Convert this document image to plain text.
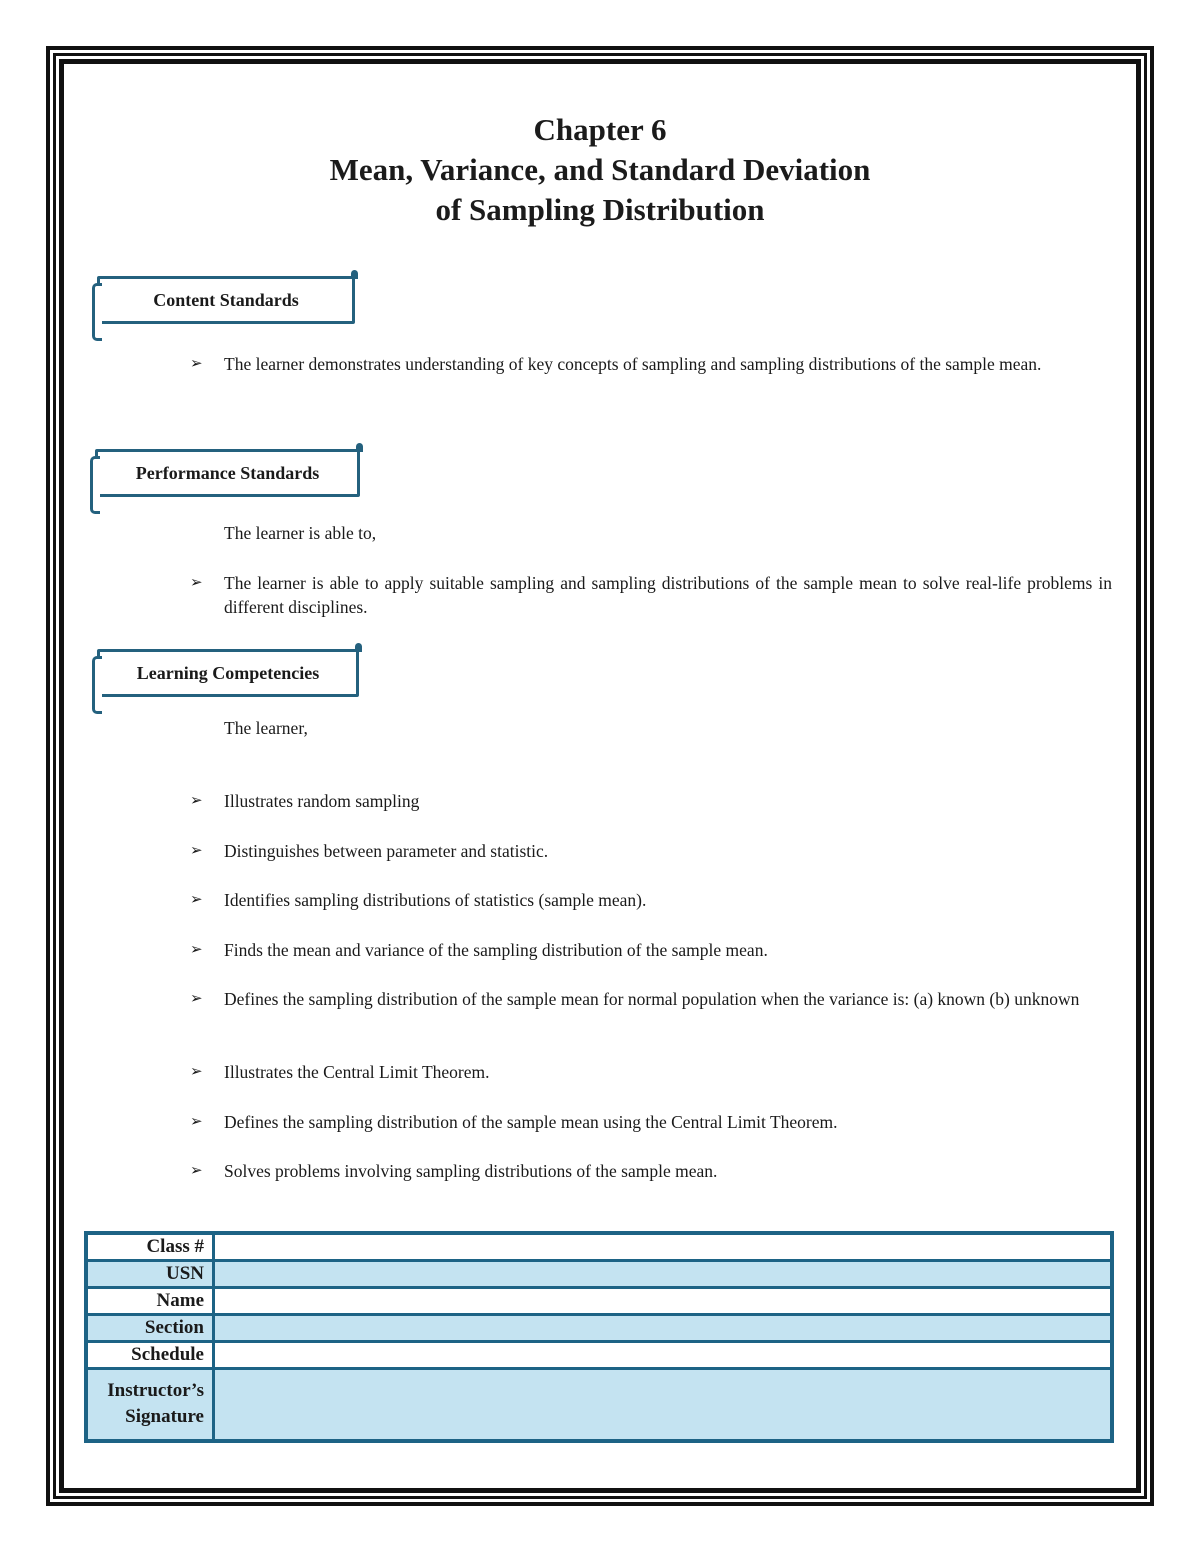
Chapter 6
Mean, Variance, and Standard Deviation
of Sampling Distribution
Content Standards
➢ The learner demonstrates understanding of key concepts of sampling and sampling distributions of the sample mean.
Performance Standards
The learner is able to,
➢ The learner is able to apply suitable sampling and sampling distributions of the sample mean to solve real-life problems in different disciplines.
Learning Competencies
The learner,
➢ Illustrates random sampling
➢ Distinguishes between parameter and statistic.
➢ Identifies sampling distributions of statistics (sample mean).
➢ Finds the mean and variance of the sampling distribution of the sample mean.
➢ Defines the sampling distribution of the sample mean for normal population when the variance is: (a) known (b) unknown
➢ Illustrates the Central Limit Theorem.
➢ Defines the sampling distribution of the sample mean using the Central Limit Theorem.
➢ Solves problems involving sampling distributions of the sample mean.
Class #	
USN	
Name	
Section	
Schedule	
Instructor’s
Signature	
